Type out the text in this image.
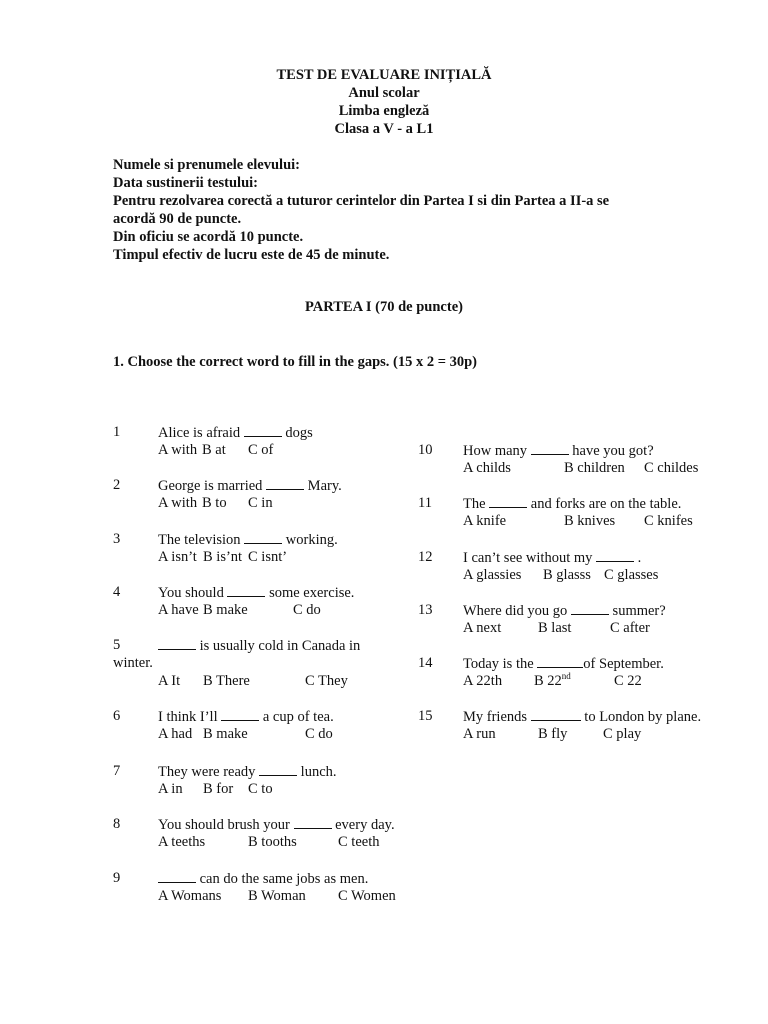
TEST DE EVALUARE INIȚIALĂ
Anul scolar
Limba engleză
Clasa a V - a L1
Numele si prenumele elevului:
Data sustinerii testului:
Pentru rezolvarea corectă a tuturor cerintelor din Partea I si din Partea a II-a se
acordă 90 de puncte.
Din oficiu se acordă 10 puncte.
Timpul efectiv de lucru este de 45 de minute.
PARTEA I (70 de puncte)
1. Choose the correct word to fill in the gaps. (15 x 2 = 30p)
1	Alice is afraid	dogs
A with B at C of
2	George is married	Mary.
A with B to C in
3	The television	working.
A isn’t B is’nt C isnt’
4	You should	some exercise.
A have B make	C do
5	is usually cold in Canada in
winter.
A It B There	C They
6	I think I’ll	a cup of tea.
A had B make	C do
7	They were ready	lunch.
A in B for C to
8	You should brush your	every day.
A teeths	B tooths	C teeth
9	can do the same jobs as men.
A Womans B Woman C Women
10 How many	have you got?
A childs	B children C childes
11 The	and forks are on the table.
A knife	B knives C knifes
12 I can’t see without my	.
A glassies B glasss C glasses
13 Where did you go	summer?
A next	B last	C after
14 Today is the	of September.
A 22th B 22nd	C 22
15 My friends	to London by plane.
A run	B fly C play
